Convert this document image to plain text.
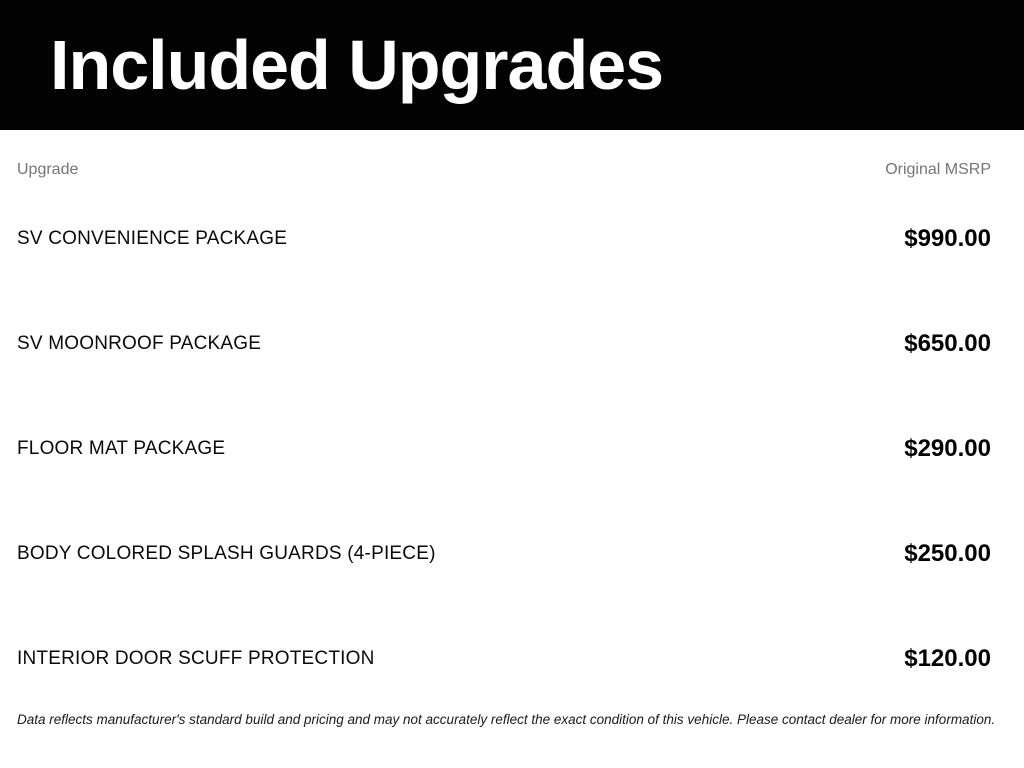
Included Upgrades
Upgrade	Original MSRP
SV CONVENIENCE PACKAGE	$990.00
SV MOONROOF PACKAGE	$650.00
FLOOR MAT PACKAGE	$290.00
BODY COLORED SPLASH GUARDS (4-PIECE)	$250.00
INTERIOR DOOR SCUFF PROTECTION	$120.00
Data reflects manufacturer's standard build and pricing and may not accurately reflect the exact condition of this vehicle. Please contact dealer for more information.
